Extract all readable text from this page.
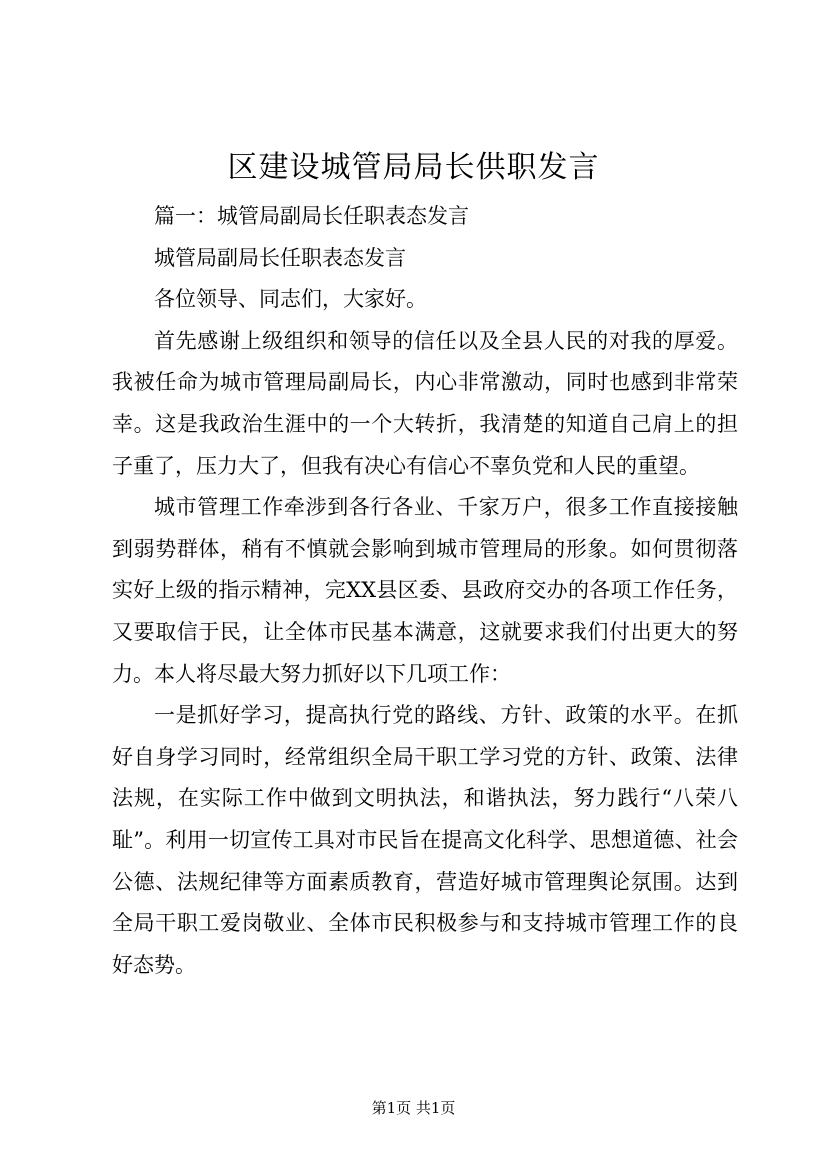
区建设城管局局长供职发言

篇一：城管局副局长任职表态发言

城管局副局长任职表态发言

各位领导、同志们，大家好。

首先感谢上级组织和领导的信任以及全县人民的对我的厚爱。我被任命为城市管理局副局长，内心非常激动，同时也感到非常荣幸。这是我政治生涯中的一个大转折，我清楚的知道自己肩上的担子重了，压力大了，但我有决心有信心不辜负党和人民的重望。

城市管理工作牵涉到各行各业、千家万户，很多工作直接接触到弱势群体，稍有不慎就会影响到城市管理局的形象。如何贯彻落实好上级的指示精神，完XX县区委、县政府交办的各项工作任务，又要取信于民，让全体市民基本满意，这就要求我们付出更大的努力。本人将尽最大努力抓好以下几项工作：

一是抓好学习，提高执行党的路线、方针、政策的水平。在抓好自身学习同时，经常组织全局干职工学习党的方针、政策、法律法规，在实际工作中做到文明执法，和谐执法，努力践行“八荣八耻”。利用一切宣传工具对市民旨在提高文化科学、思想道德、社会公德、法规纪律等方面素质教育，营造好城市管理舆论氛围。达到全局干职工爱岗敬业、全体市民积极参与和支持城市管理工作的良好态势。

第1页 共1页
